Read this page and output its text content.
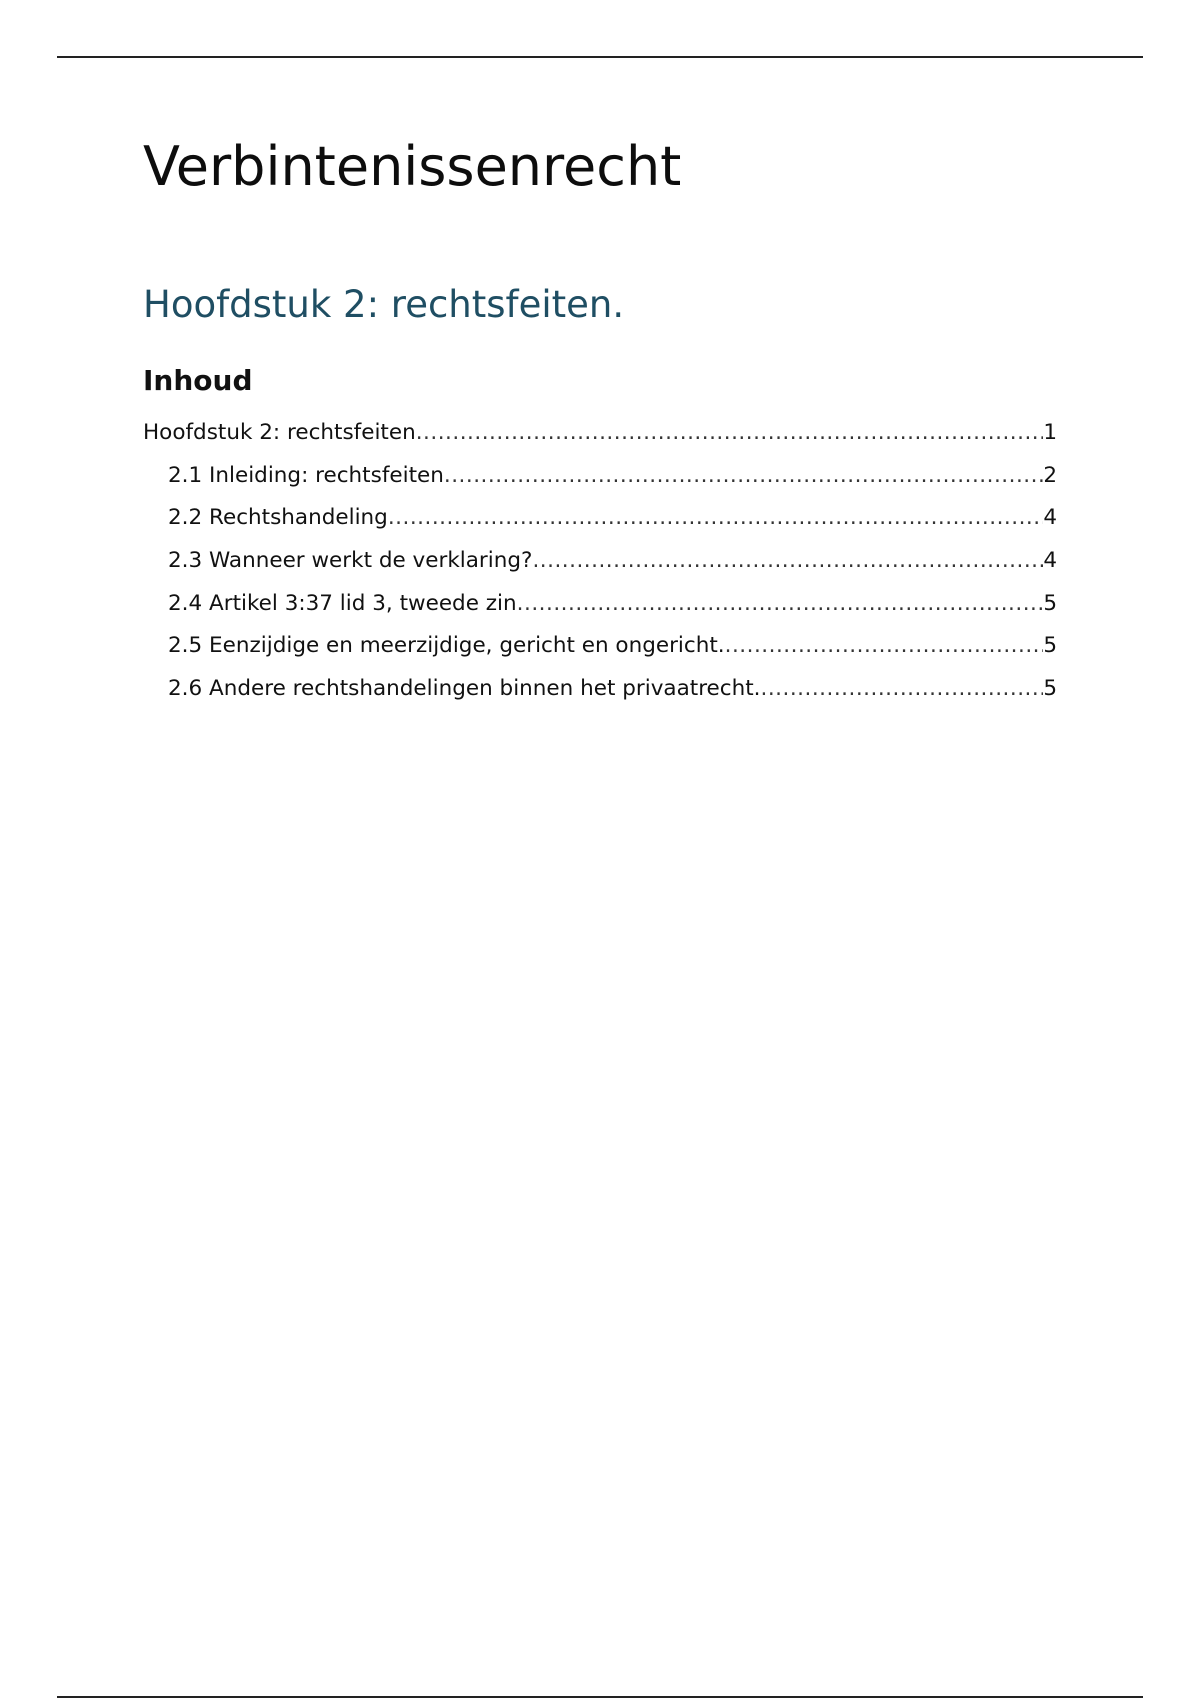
Verbintenissenrecht
Hoofdstuk 2: rechtsfeiten.
Inhoud
Hoofdstuk 2: rechtsfeiten .....	1
2.1 Inleiding: rechtsfeiten .....	2
2.2 Rechtshandeling .....	4
2.3 Wanneer werkt de verklaring? .....	4
2.4 Artikel 3:37 lid 3, tweede zin .....	5
2.5 Eenzijdige en meerzijdige, gericht en ongericht. .....	5
2.6 Andere rechtshandelingen binnen het privaatrecht. .....	5
